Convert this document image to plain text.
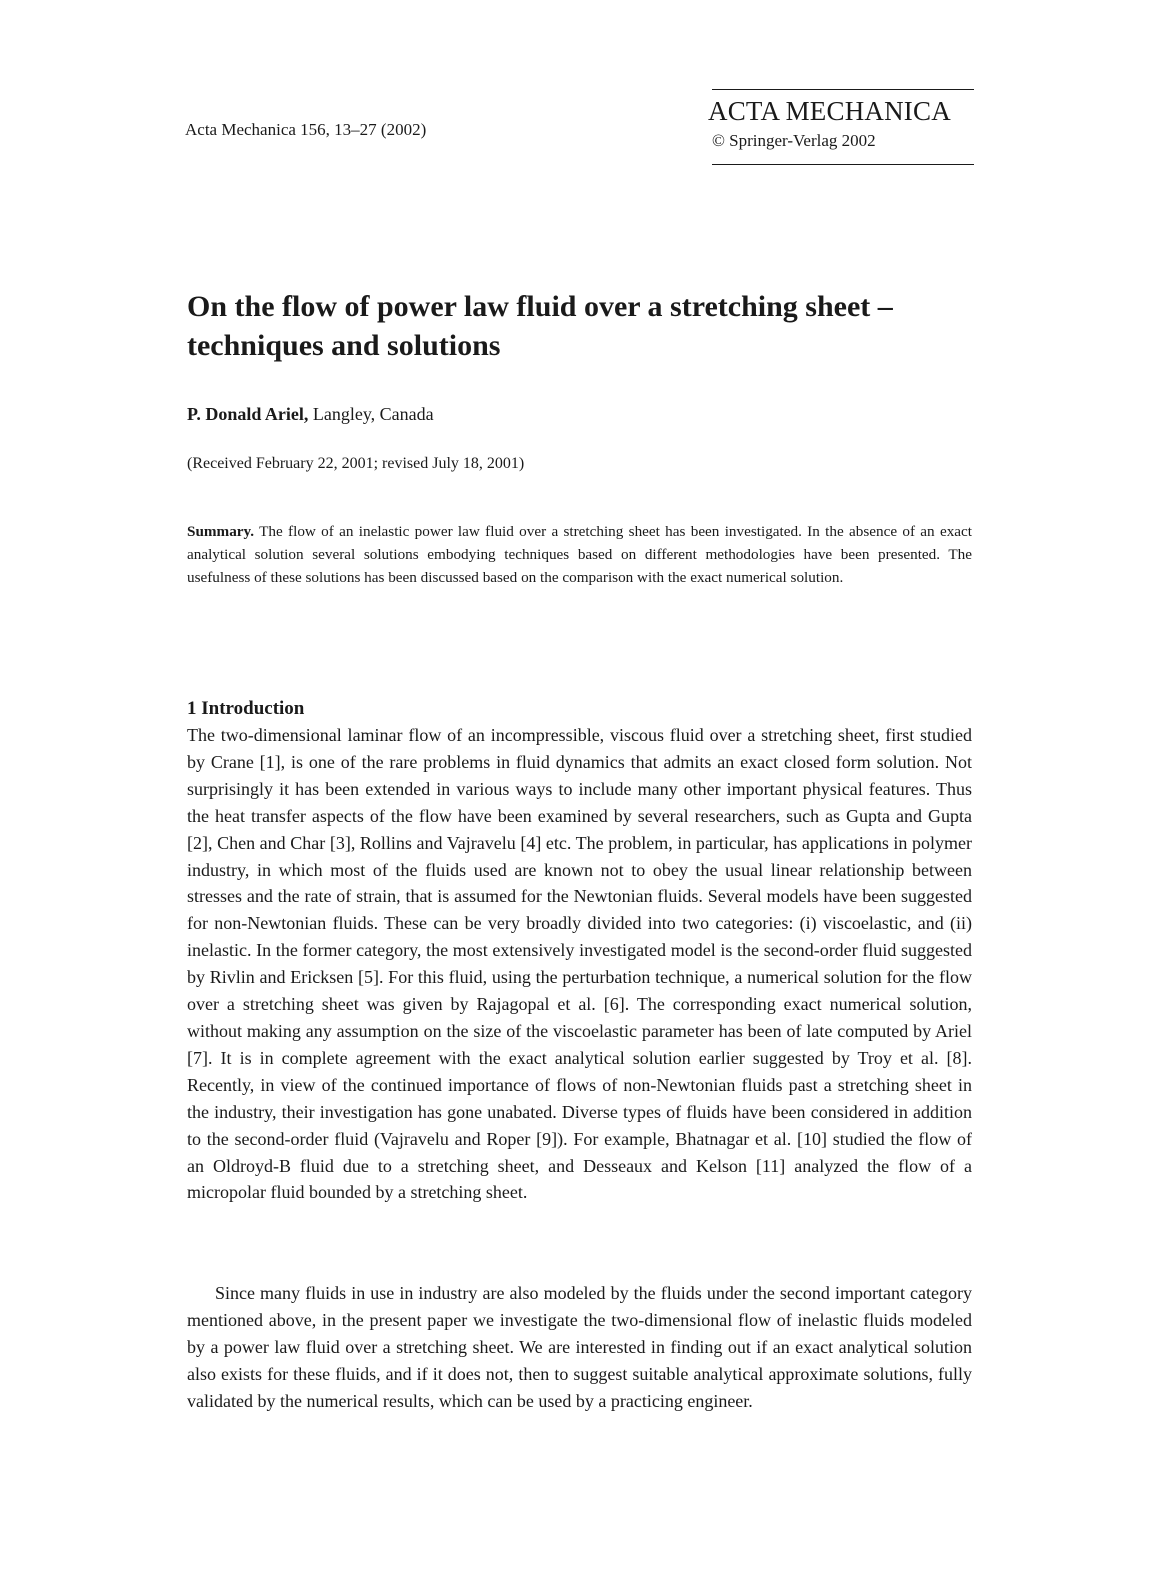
Acta Mechanica 156, 13–27 (2002)
ACTA MECHANICA
© Springer-Verlag 2002
On the flow of power law fluid over a stretching sheet – techniques and solutions
P. Donald Ariel, Langley, Canada
(Received February 22, 2001; revised July 18, 2001)

Summary. The flow of an inelastic power law fluid over a stretching sheet has been investigated. In the absence of an exact analytical solution several solutions embodying techniques based on different methodologies have been presented. The usefulness of these solutions has been discussed based on the comparison with the exact numerical solution.

1 Introduction

The two-dimensional laminar flow of an incompressible, viscous fluid over a stretching sheet, first studied by Crane [1], is one of the rare problems in fluid dynamics that admits an exact closed form solution. Not surprisingly it has been extended in various ways to include many other important physical features. Thus the heat transfer aspects of the flow have been examined by several researchers, such as Gupta and Gupta [2], Chen and Char [3], Rollins and Vajravelu [4] etc. The problem, in particular, has applications in polymer industry, in which most of the fluids used are known not to obey the usual linear relationship between stresses and the rate of strain, that is assumed for the Newtonian fluids. Several models have been suggested for non-Newtonian fluids. These can be very broadly divided into two categories: (i) viscoelastic, and (ii) inelastic. In the former category, the most extensively investigated model is the second-order fluid suggested by Rivlin and Ericksen [5]. For this fluid, using the perturbation technique, a numerical solution for the flow over a stretching sheet was given by Rajagopal et al. [6]. The corresponding exact numerical solution, without making any assumption on the size of the viscoelastic parameter has been of late computed by Ariel [7]. It is in complete agreement with the exact analytical solution earlier suggested by Troy et al. [8]. Recently, in view of the continued importance of flows of non-Newtonian fluids past a stretching sheet in the industry, their investigation has gone unabated. Diverse types of fluids have been considered in addition to the second-order fluid (Vajravelu and Roper [9]). For example, Bhatnagar et al. [10] studied the flow of an Oldroyd-B fluid due to a stretching sheet, and Desseaux and Kelson [11] analyzed the flow of a micropolar fluid bounded by a stretching sheet.

Since many fluids in use in industry are also modeled by the fluids under the second important category mentioned above, in the present paper we investigate the two-dimensional flow of inelastic fluids modeled by a power law fluid over a stretching sheet. We are interested in finding out if an exact analytical solution also exists for these fluids, and if it does not, then to suggest suitable analytical approximate solutions, fully validated by the numerical results, which can be used by a practicing engineer.
